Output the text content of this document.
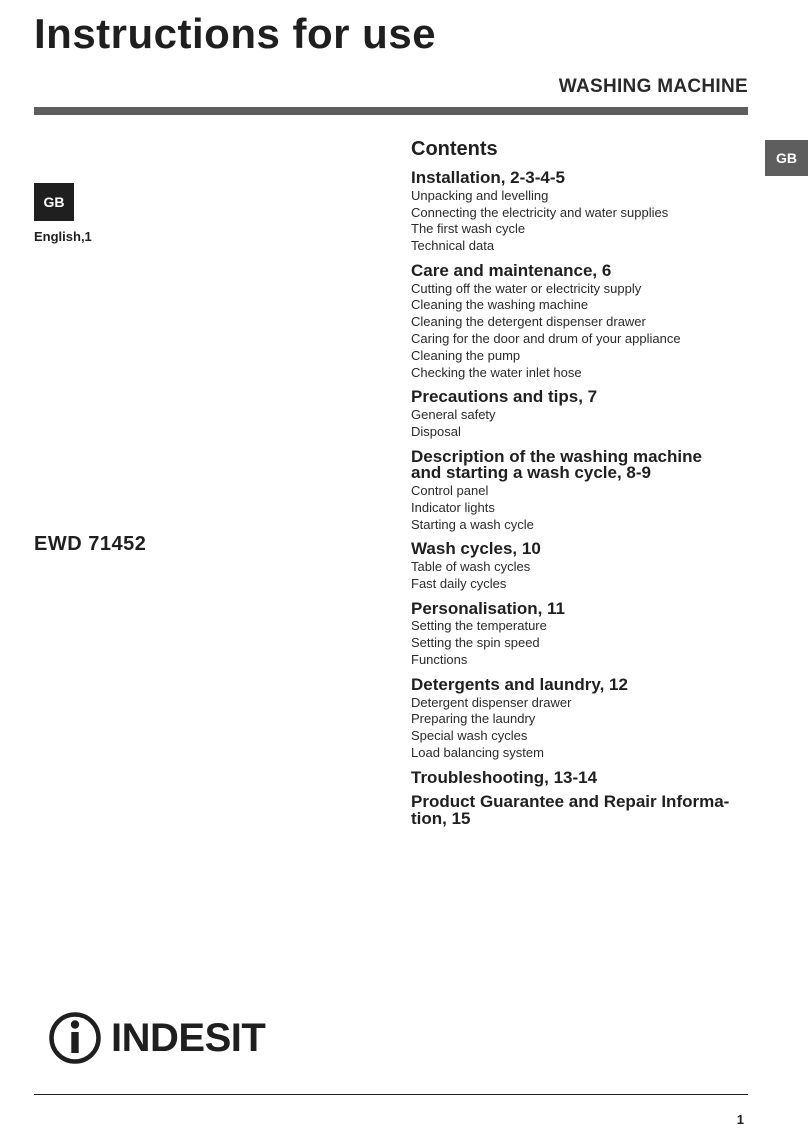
Instructions for use
WASHING MACHINE
GB
GB
English,1
EWD 71452
Contents
Installation, 2-3-4-5
Unpacking and levelling
Connecting the electricity and water supplies
The first wash cycle
Technical data
Care and maintenance, 6
Cutting off the water or electricity supply
Cleaning the washing machine
Cleaning the detergent dispenser drawer
Caring for the door and drum of your appliance
Cleaning the pump
Checking the water inlet hose
Precautions and tips, 7
General safety
Disposal
Description of the washing machine
and starting a wash cycle, 8-9
Control panel
Indicator lights
Starting a wash cycle
Wash cycles, 10
Table of wash cycles
Fast daily cycles
Personalisation, 11
Setting the temperature
Setting the spin speed
Functions
Detergents and laundry, 12
Detergent dispenser drawer
Preparing the laundry
Special wash cycles
Load balancing system
Troubleshooting, 13-14
Product Guarantee and Repair Informa-
tion, 15
INDESIT
1
